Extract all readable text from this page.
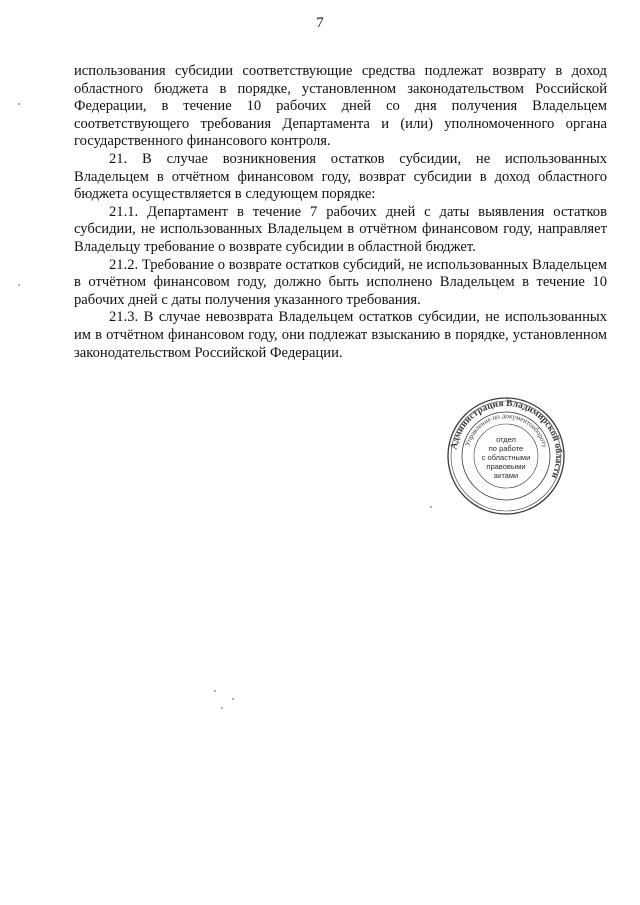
7

использования субсидии соответствующие средства подлежат возврату в доход областного бюджета в порядке, установленном законодательством Российской Федерации, в течение 10 рабочих дней со дня получения Владельцем соответствующего требования Департамента и (или) уполномоченного органа государственного финансового контроля.

21. В случае возникновения остатков субсидии, не использованных Владельцем в отчётном финансовом году, возврат субсидии в доход областного бюджета осуществляется в следующем порядке:

21.1. Департамент в течение 7 рабочих дней с даты выявления остатков субсидии, не использованных Владельцем в отчётном финансовом году, направляет Владельцу требование о возврате субсидии в областной бюджет.

21.2. Требование о возврате остатков субсидий, не использованных Владельцем в отчётном финансовом году, должно быть исполнено Владельцем в течение 10 рабочих дней с даты получения указанного требования.

21.3. В случае невозврата Владельцем остатков субсидии, не использованных им в отчётном финансовом году, они подлежат взысканию в порядке, установленном законодательством Российской Федерации.

Администрация Владимирской области
Управление по документообороту
отдел
по работе
с областными
правовыми
актами
